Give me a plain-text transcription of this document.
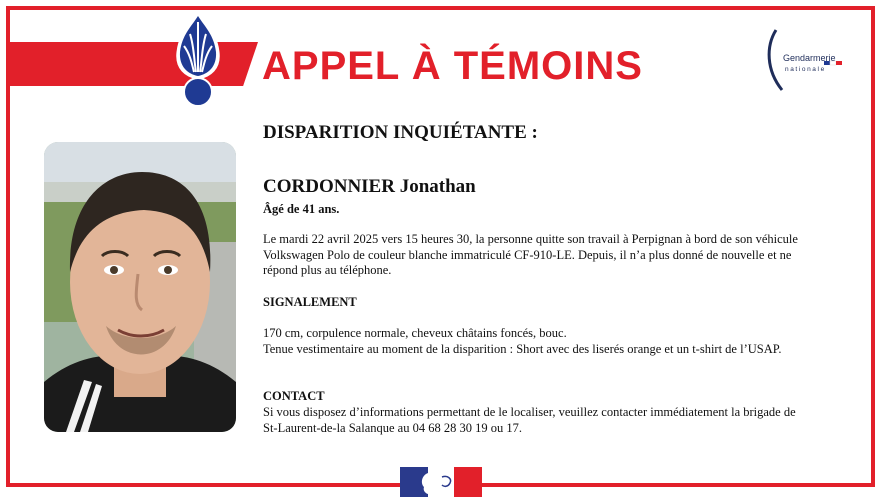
APPEL À TÉMOINS	Gendarmerie
nationale
DISPARITION INQUIÉTANTE :
CORDONNIER Jonathan
Âgé de 41 ans.
Le mardi 22 avril 2025 vers 15 heures 30, la personne quitte son travail à Perpignan à bord de son véhicule Volkswagen Polo de couleur blanche immatriculé CF-910-LE. Depuis, il n’a plus donné de nouvelle et ne répond plus au téléphone.
SIGNALEMENT
170 cm, corpulence normale, cheveux châtains foncés, bouc.
Tenue vestimentaire au moment de la disparition : Short avec des liserés orange et un t-shirt de l’USAP.
CONTACT
Si vous disposez d’informations permettant de le localiser, veuillez contacter immédiatement la brigade de St-Laurent-de-la Salanque au 04 68 28 30 19 ou 17.
